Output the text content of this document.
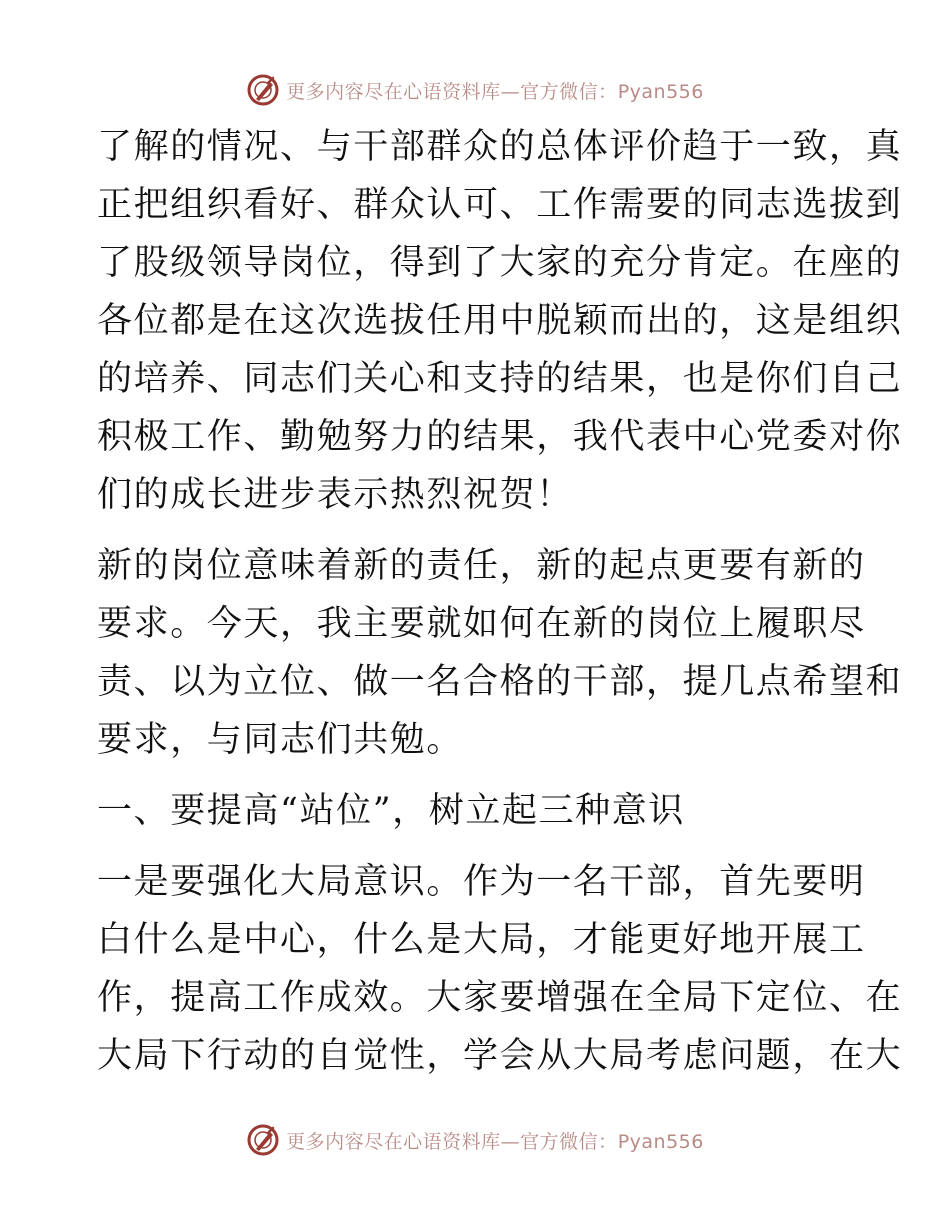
更多内容尽在心语资料库—官方微信：Pyan556

了解的情况、与干部群众的总体评价趋于一致，真
正把组织看好、群众认可、工作需要的同志选拔到
了股级领导岗位，得到了大家的充分肯定。在座的
各位都是在这次选拔任用中脱颖而出的，这是组织
的培养、同志们关心和支持的结果，也是你们自己
积极工作、勤勉努力的结果，我代表中心党委对你
们的成长进步表示热烈祝贺！

新的岗位意味着新的责任，新的起点更要有新的
要求。今天，我主要就如何在新的岗位上履职尽
责、以为立位、做一名合格的干部，提几点希望和
要求，与同志们共勉。

一、要提高“站位”，树立起三种意识

一是要强化大局意识。作为一名干部，首先要明
白什么是中心，什么是大局，才能更好地开展工
作，提高工作成效。大家要增强在全局下定位、在
大局下行动的自觉性，学会从大局考虑问题，在大

更多内容尽在心语资料库—官方微信：Pyan556
